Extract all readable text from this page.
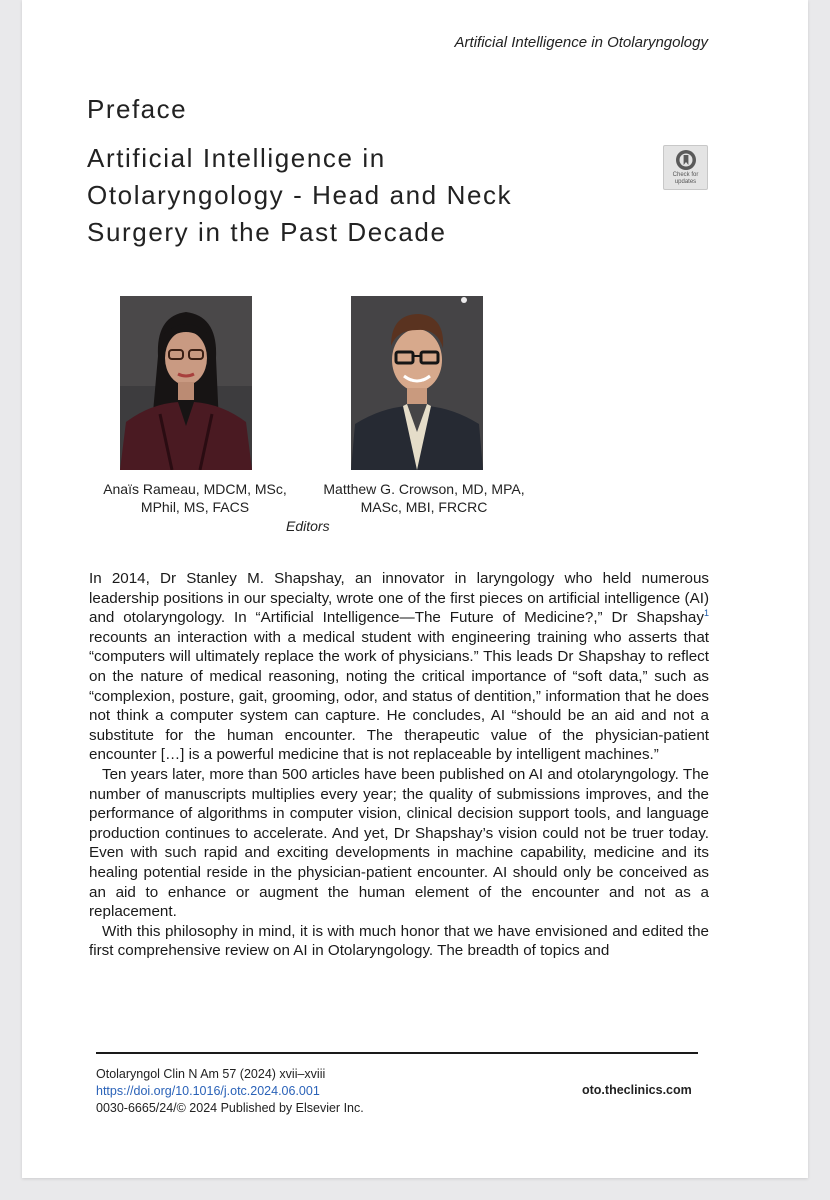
Artificial Intelligence in Otolaryngology
Preface
Artificial Intelligence in
Otolaryngology - Head and Neck
Surgery in the Past Decade
Check for
updates
Anaïs Rameau, MDCM, MSc,
MPhil, MS, FACS
Matthew G. Crowson, MD, MPA,
MASc, MBI, FRCRC
Editors

In 2014, Dr Stanley M. Shapshay, an innovator in laryngology who held numerous leadership positions in our specialty, wrote one of the first pieces on artificial intelligence (AI) and otolaryngology. In “Artificial Intelligence—The Future of Medicine?,” Dr Shapshay$^1$ recounts an interaction with a medical student with engineering training who asserts that “computers will ultimately replace the work of physicians.” This leads Dr Shapshay to reflect on the nature of medical reasoning, noting the critical importance of “soft data,” such as “complexion, posture, gait, grooming, odor, and status of dentition,” information that he does not think a computer system can capture. He concludes, AI “should be an aid and not a substitute for the human encounter. The therapeutic value of the physician-patient encounter […] is a powerful medicine that is not replaceable by intelligent machines.”

Ten years later, more than 500 articles have been published on AI and otolaryngology. The number of manuscripts multiplies every year; the quality of submissions improves, and the performance of algorithms in computer vision, clinical decision support tools, and language production continues to accelerate. And yet, Dr Shapshay’s vision could not be truer today. Even with such rapid and exciting developments in machine capability, medicine and its healing potential reside in the physician-patient encounter. AI should only be conceived as an aid to enhance or augment the human element of the encounter and not as a replacement.

With this philosophy in mind, it is with much honor that we have envisioned and edited the first comprehensive review on AI in Otolaryngology. The breadth of topics and

Otolaryngol Clin N Am 57 (2024) xvii–xviii
https://doi.org/10.1016/j.otc.2024.06.001
0030-6665/24/© 2024 Published by Elsevier Inc.
oto.theclinics.com
